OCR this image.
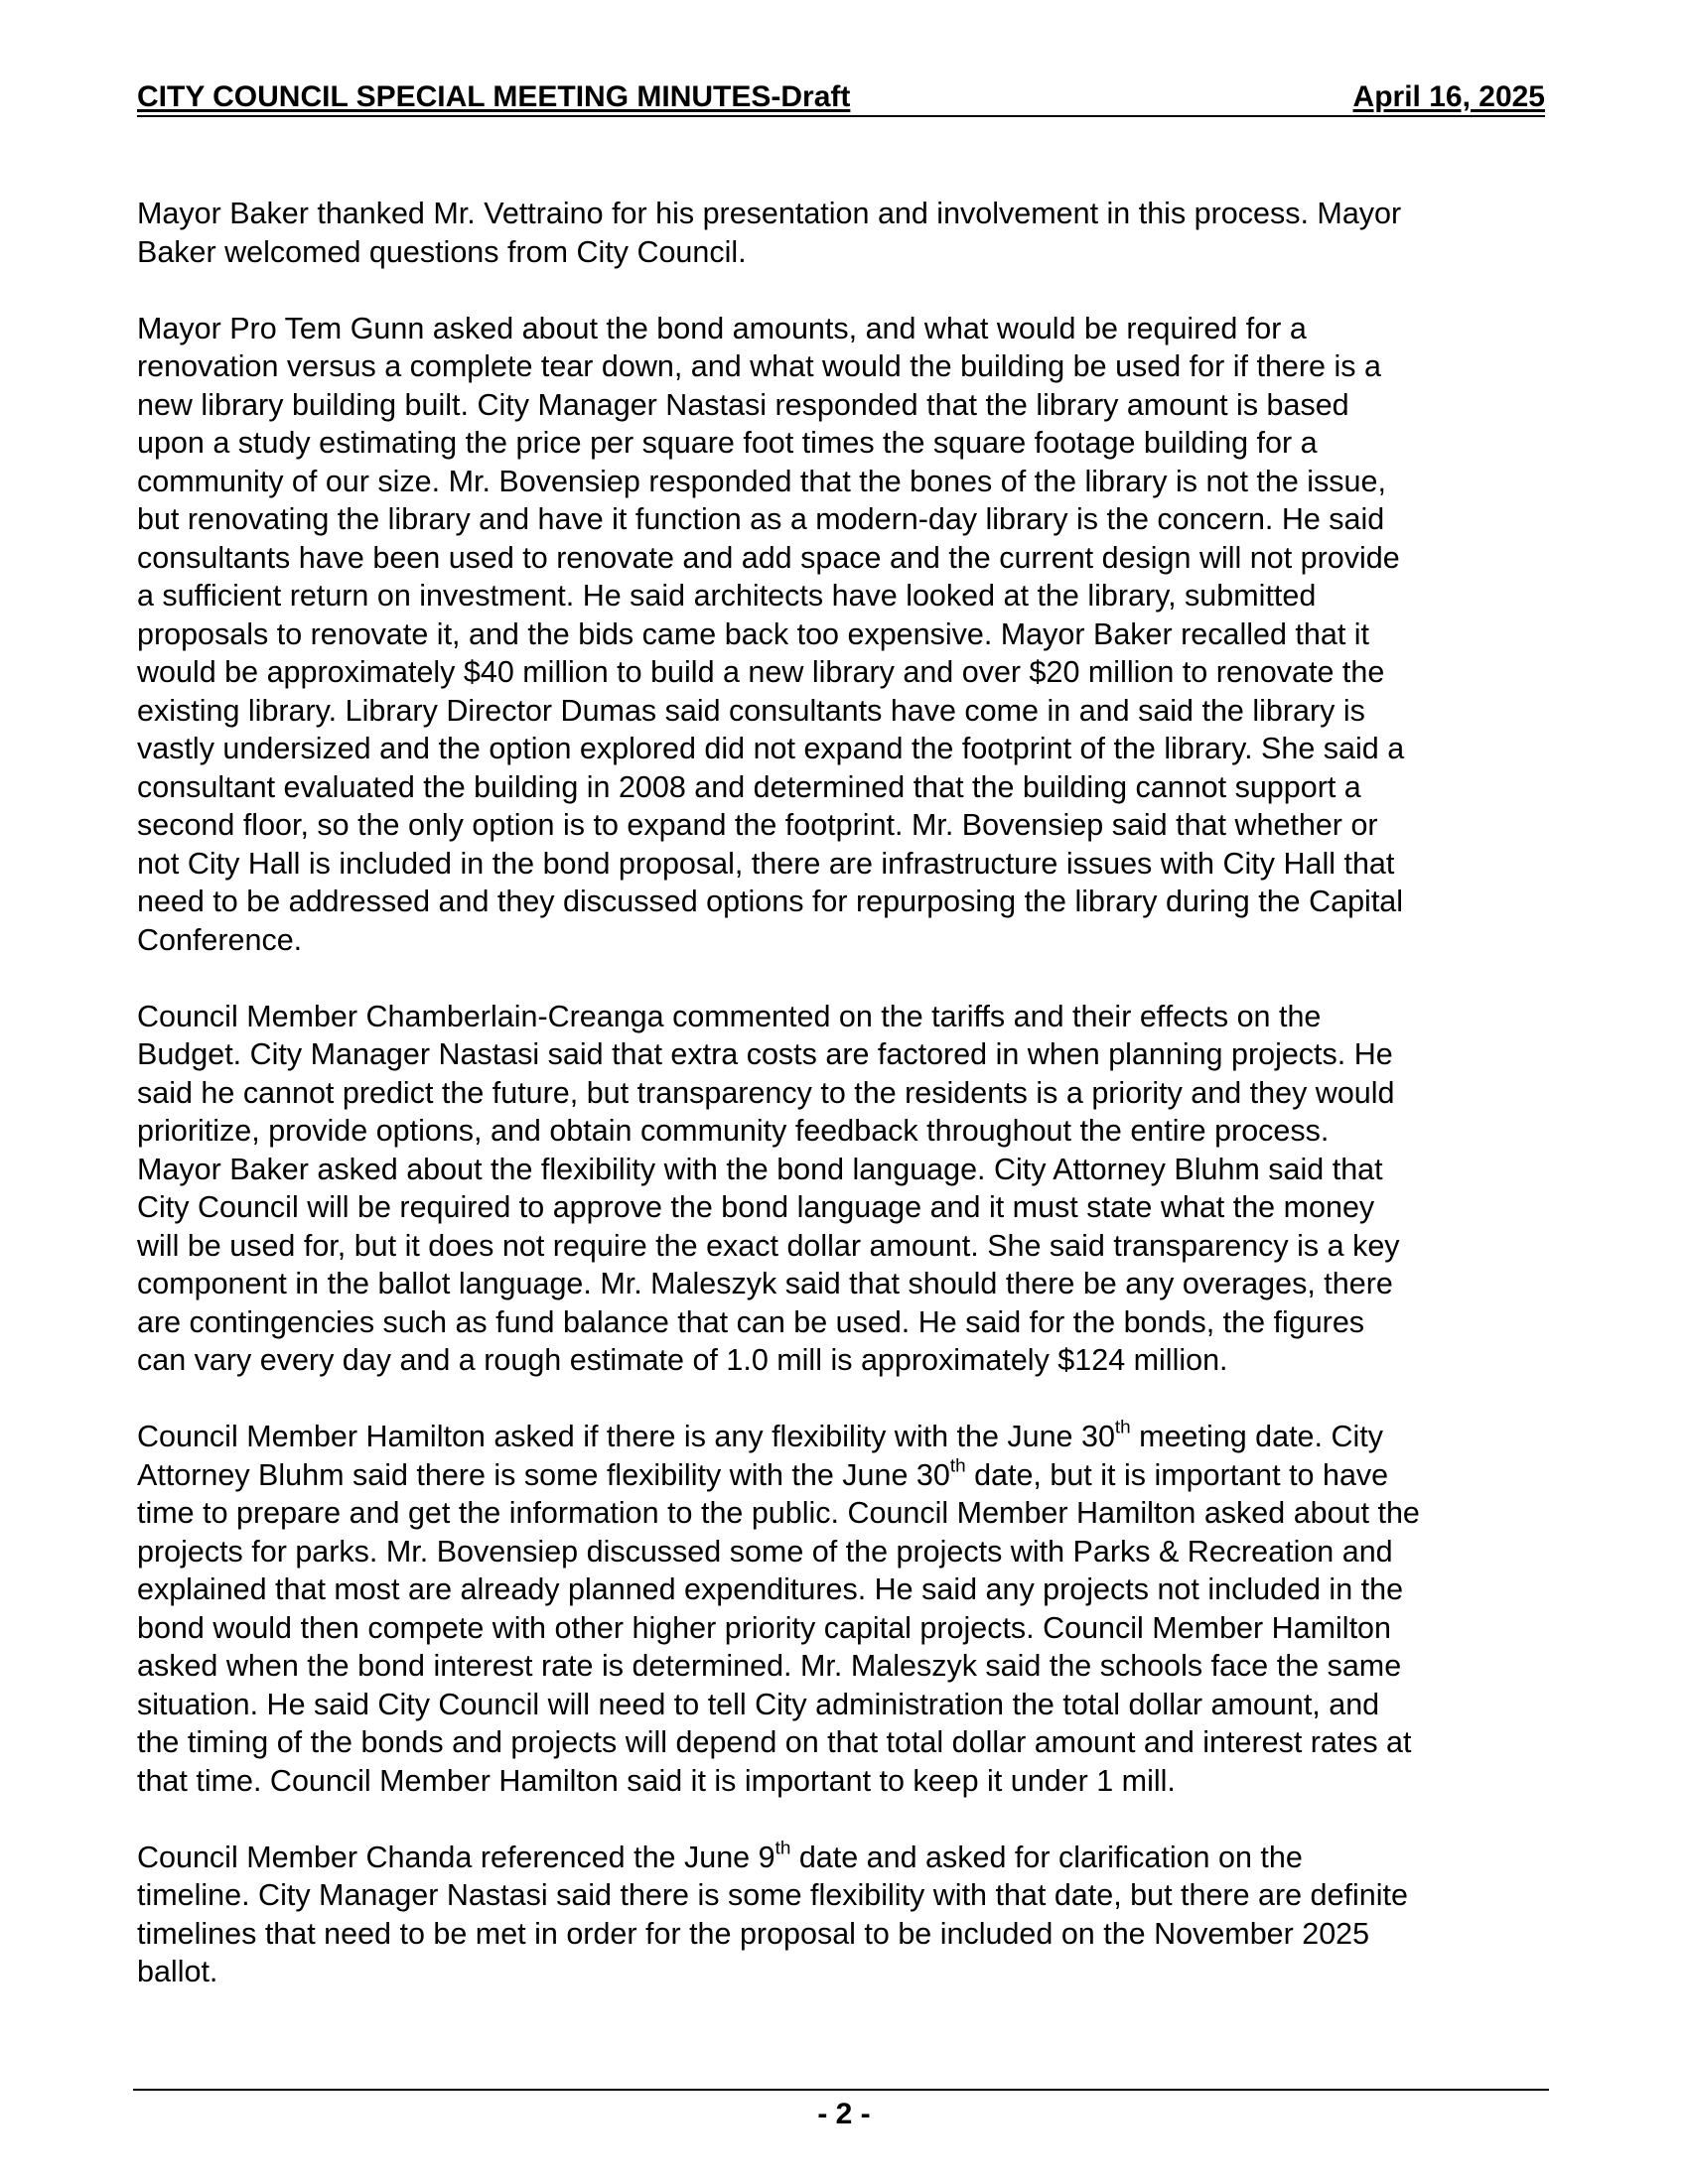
CITY COUNCIL SPECIAL MEETING MINUTES-Draft	April 16, 2025

Mayor Baker thanked Mr. Vettraino for his presentation and involvement in this process. Mayor
Baker welcomed questions from City Council.

Mayor Pro Tem Gunn asked about the bond amounts, and what would be required for a
renovation versus a complete tear down, and what would the building be used for if there is a
new library building built. City Manager Nastasi responded that the library amount is based
upon a study estimating the price per square foot times the square footage building for a
community of our size. Mr. Bovensiep responded that the bones of the library is not the issue,
but renovating the library and have it function as a modern-day library is the concern. He said
consultants have been used to renovate and add space and the current design will not provide
a sufficient return on investment. He said architects have looked at the library, submitted
proposals to renovate it, and the bids came back too expensive. Mayor Baker recalled that it
would be approximately $40 million to build a new library and over $20 million to renovate the
existing library. Library Director Dumas said consultants have come in and said the library is
vastly undersized and the option explored did not expand the footprint of the library. She said a
consultant evaluated the building in 2008 and determined that the building cannot support a
second floor, so the only option is to expand the footprint. Mr. Bovensiep said that whether or
not City Hall is included in the bond proposal, there are infrastructure issues with City Hall that
need to be addressed and they discussed options for repurposing the library during the Capital
Conference.

Council Member Chamberlain-Creanga commented on the tariffs and their effects on the
Budget. City Manager Nastasi said that extra costs are factored in when planning projects. He
said he cannot predict the future, but transparency to the residents is a priority and they would
prioritize, provide options, and obtain community feedback throughout the entire process.
Mayor Baker asked about the flexibility with the bond language. City Attorney Bluhm said that
City Council will be required to approve the bond language and it must state what the money
will be used for, but it does not require the exact dollar amount. She said transparency is a key
component in the ballot language. Mr. Maleszyk said that should there be any overages, there
are contingencies such as fund balance that can be used. He said for the bonds, the figures
can vary every day and a rough estimate of 1.0 mill is approximately $124 million.

Council Member Hamilton asked if there is any flexibility with the June 30th meeting date. City
Attorney Bluhm said there is some flexibility with the June 30th date, but it is important to have
time to prepare and get the information to the public. Council Member Hamilton asked about the
projects for parks. Mr. Bovensiep discussed some of the projects with Parks & Recreation and
explained that most are already planned expenditures. He said any projects not included in the
bond would then compete with other higher priority capital projects. Council Member Hamilton
asked when the bond interest rate is determined. Mr. Maleszyk said the schools face the same
situation. He said City Council will need to tell City administration the total dollar amount, and
the timing of the bonds and projects will depend on that total dollar amount and interest rates at
that time. Council Member Hamilton said it is important to keep it under 1 mill.

Council Member Chanda referenced the June 9th date and asked for clarification on the
timeline. City Manager Nastasi said there is some flexibility with that date, but there are definite
timelines that need to be met in order for the proposal to be included on the November 2025
ballot.

- 2 -
